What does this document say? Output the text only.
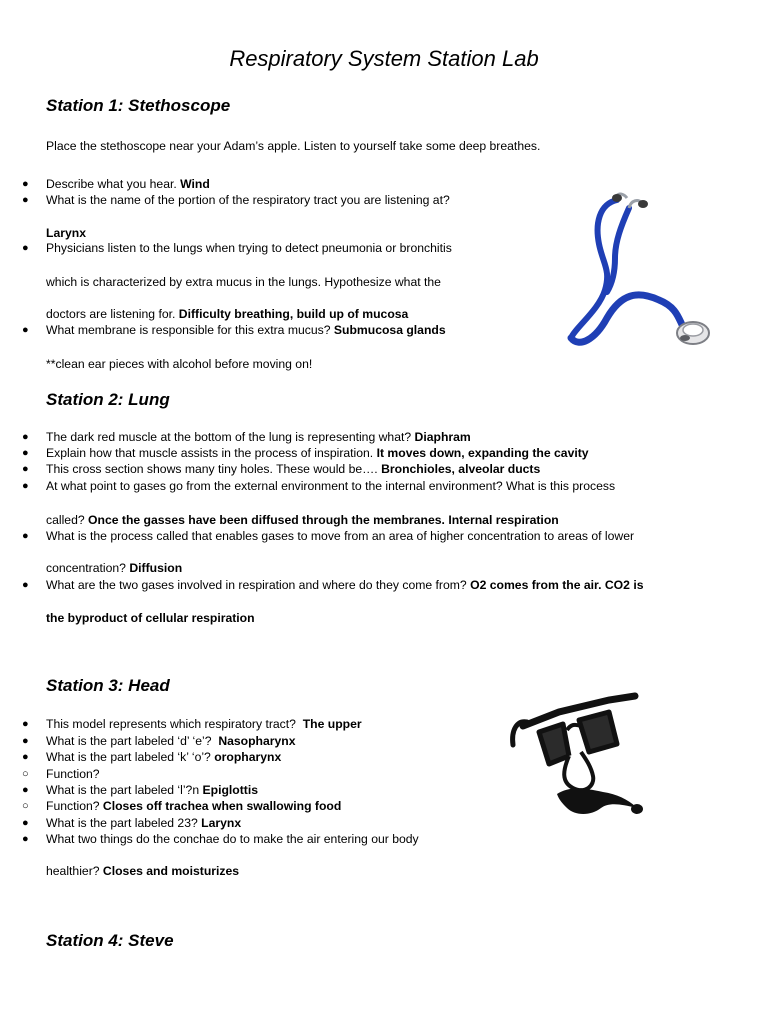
Respiratory System Station Lab
Station 1: Stethoscope
Place the stethoscope near your Adam’s apple. Listen to yourself take some deep breathes.
● Describe what you hear. Wind
● What is the name of the portion of the respiratory tract you are listening at?
Larynx
● Physicians listen to the lungs when trying to detect pneumonia or bronchitis
which is characterized by extra mucus in the lungs. Hypothesize what the
doctors are listening for. Difficulty breathing, build up of mucosa
● What membrane is responsible for this extra mucus? Submucosa glands
**clean ear pieces with alcohol before moving on!
Station 2: Lung
● The dark red muscle at the bottom of the lung is representing what? Diaphram
● Explain how that muscle assists in the process of inspiration. It moves down, expanding the cavity
● This cross section shows many tiny holes. These would be…. Bronchioles, alveolar ducts
● At what point to gases go from the external environment to the internal environment? What is this process
called? Once the gasses have been diffused through the membranes. Internal respiration
● What is the process called that enables gases to move from an area of higher concentration to areas of lower
concentration? Diffusion
● What are the two gases involved in respiration and where do they come from? O2 comes from the air. CO2 is
the byproduct of cellular respiration
Station 3: Head
● This model represents which respiratory tract? The upper
● What is the part labeled ‘d’ ‘e’? Nasopharynx
● What is the part labeled ‘k’ ‘o’? oropharynx
○ Function?
● What is the part labeled ‘l’?n Epiglottis
○ Function? Closes off trachea when swallowing food
● What is the part labeled 23? Larynx
● What two things do the conchae do to make the air entering our body
healthier? Closes and moisturizes
Station 4: Steve
